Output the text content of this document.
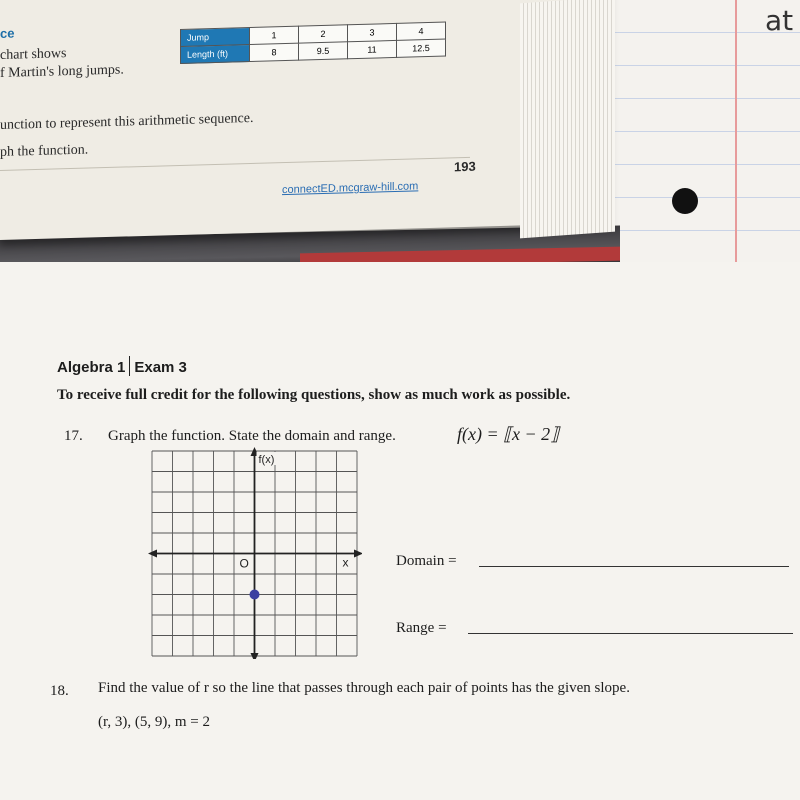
at
ce
chart shows
f Martin's long jumps.
unction to represent this arithmetic sequence.
ph the function.
connectED.mcgraw-hill.com
193
Jump	1	2	3	4
Length (ft)	8	9.5	11	12.5
Algebra 1 Exam 3
To receive full credit for the following questions, show as much work as possible.
17. Graph the function. State the domain and range.	f(x) = ⟦x − 2⟧
f(x)
x
O	Domain =
Range =
18. Find the value of r so the line that passes through each pair of points has the given slope.
(r, 3), (5, 9), m = 2
